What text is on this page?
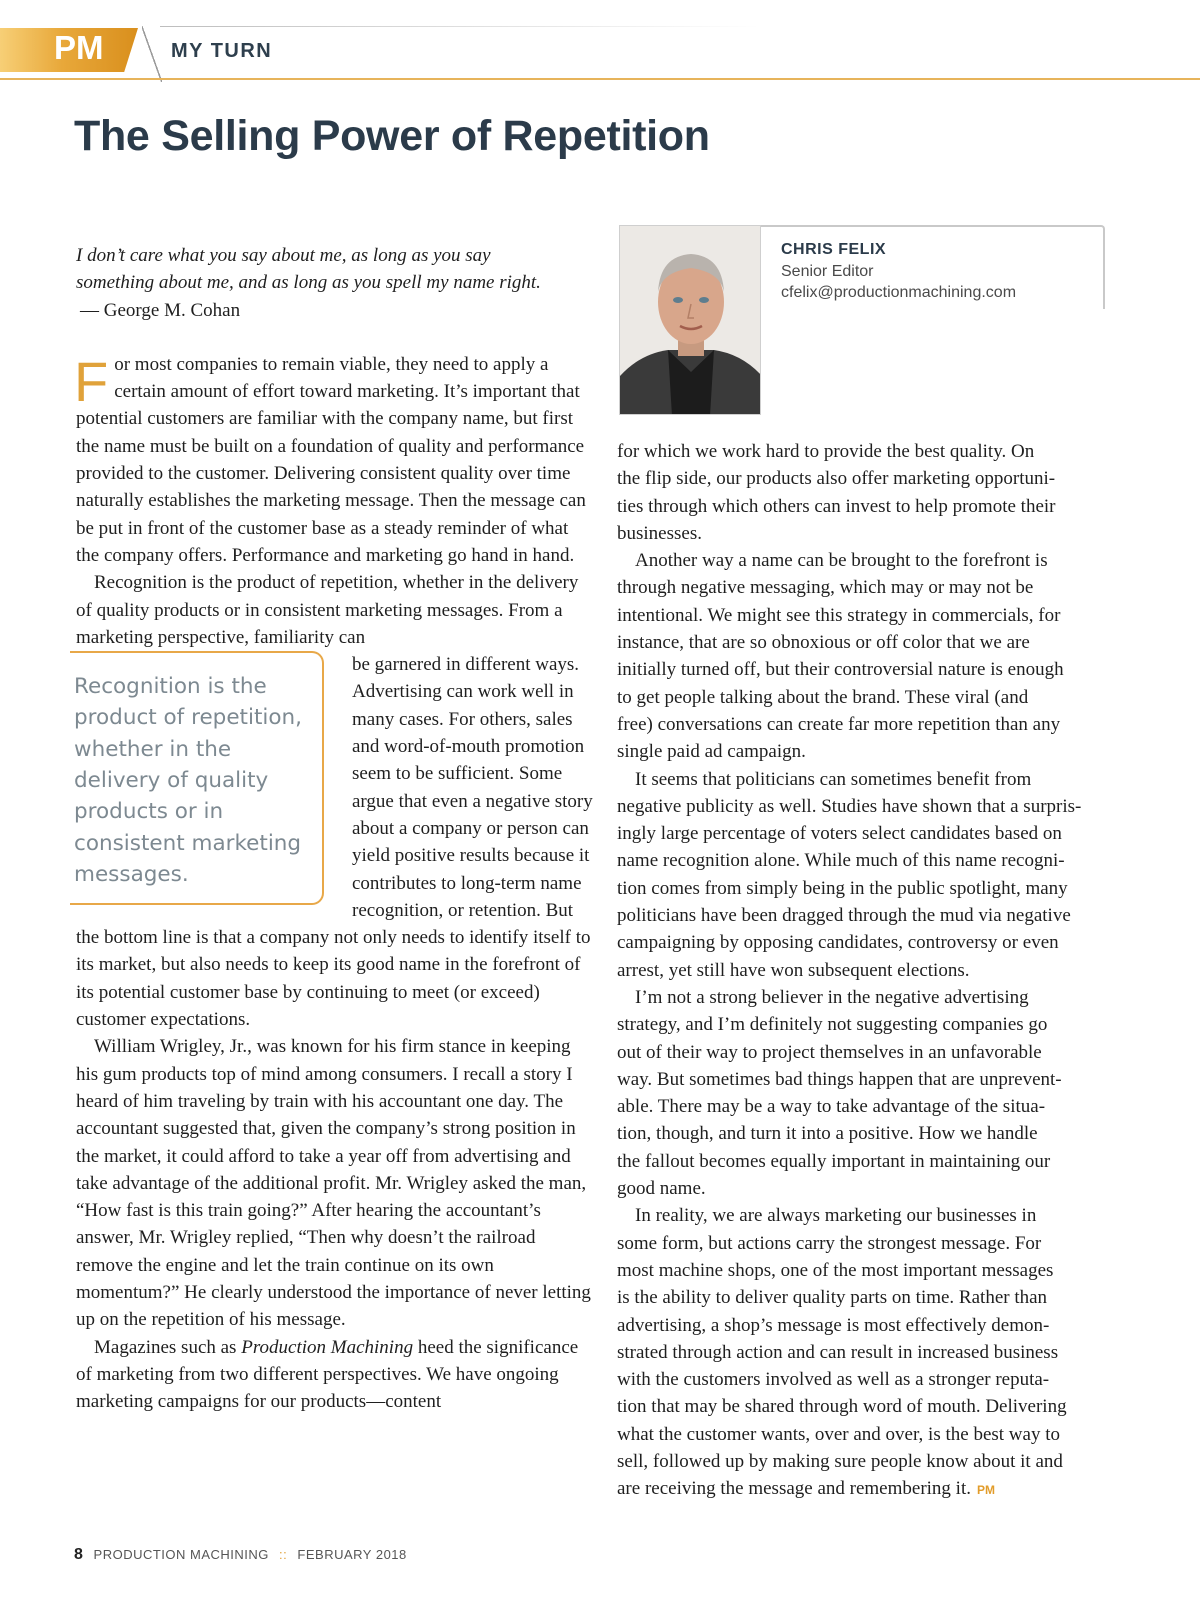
PM	MY TURN
The Selling Power of Repetition
CHRIS FELIX
Senior Editor
cfelix@productionmachining.com

I don’t care what you say about me, as long as you say
something about me, and as long as you spell my name right.

— George M. Cohan

For most companies to remain viable, they need to apply a certain amount of effort toward marketing. It’s important that potential customers are familiar with the company name, but first the name must be built on a foundation of quality and performance provided to the customer. Delivering consistent quality over time naturally establishes the marketing message. Then the message can be put in front of the customer base as a steady reminder of what the company offers. Performance and marketing go hand in hand.

Recognition is the product of repetition, whether in the delivery of quality products or in consistent marketing messages. From a marketing perspective, familiarity can

Recognition is the product of repetition, whether in the delivery of quality products or in consistent marketing messages.

be garnered in different ways. Advertising can work well in many cases. For others, sales and word-of-mouth promotion seem to be sufficient. Some argue that even a negative story about a company or person can yield positive results because it contributes to long-term name recognition, or retention. But the bottom line is that a company not only needs to identify itself to its market, but also needs to keep its good name in the forefront of its potential customer base by continuing to meet (or exceed) customer expectations.

William Wrigley, Jr., was known for his firm stance in keeping his gum products top of mind among consumers. I recall a story I heard of him traveling by train with his accountant one day. The accountant suggested that, given the company’s strong position in the market, it could afford to take a year off from advertising and take advantage of the additional profit. Mr. Wrigley asked the man, “How fast is this train going?” After hearing the accountant’s answer, Mr. Wrigley replied, “Then why doesn’t the railroad remove the engine and let the train continue on its own momentum?” He clearly understood the importance of never letting up on the repetition of his message.

Magazines such as Production Machining heed the significance of marketing from two different perspectives. We have ongoing marketing campaigns for our products—content

for which we work hard to provide the best quality. On
the flip side, our products also offer marketing opportuni-
ties through which others can invest to help promote their
businesses.

Another way a name can be brought to the forefront is
through negative messaging, which may or may not be
intentional. We might see this strategy in commercials, for
instance, that are so obnoxious or off color that we are
initially turned off, but their controversial nature is enough
to get people talking about the brand. These viral (and
free) conversations can create far more repetition than any
single paid ad campaign.

It seems that politicians can sometimes benefit from
negative publicity as well. Studies have shown that a surpris-
ingly large percentage of voters select candidates based on
name recognition alone. While much of this name recogni-
tion comes from simply being in the public spotlight, many
politicians have been dragged through the mud via negative
campaigning by opposing candidates, controversy or even
arrest, yet still have won subsequent elections.

I’m not a strong believer in the negative advertising
strategy, and I’m definitely not suggesting companies go
out of their way to project themselves in an unfavorable
way. But sometimes bad things happen that are unprevent-
able. There may be a way to take advantage of the situa-
tion, though, and turn it into a positive. How we handle
the fallout becomes equally important in maintaining our
good name.

In reality, we are always marketing our businesses in
some form, but actions carry the strongest message. For
most machine shops, one of the most important messages
is the ability to deliver quality parts on time. Rather than
advertising, a shop’s message is most effectively demon-
strated through action and can result in increased business
with the customers involved as well as a stronger reputa-
tion that may be shared through word of mouth. Delivering
what the customer wants, over and over, is the best way to
sell, followed up by making sure people know about it and
are receiving the message and remembering it. PM

8 PRODUCTION MACHINING :: FEBRUARY 2018
